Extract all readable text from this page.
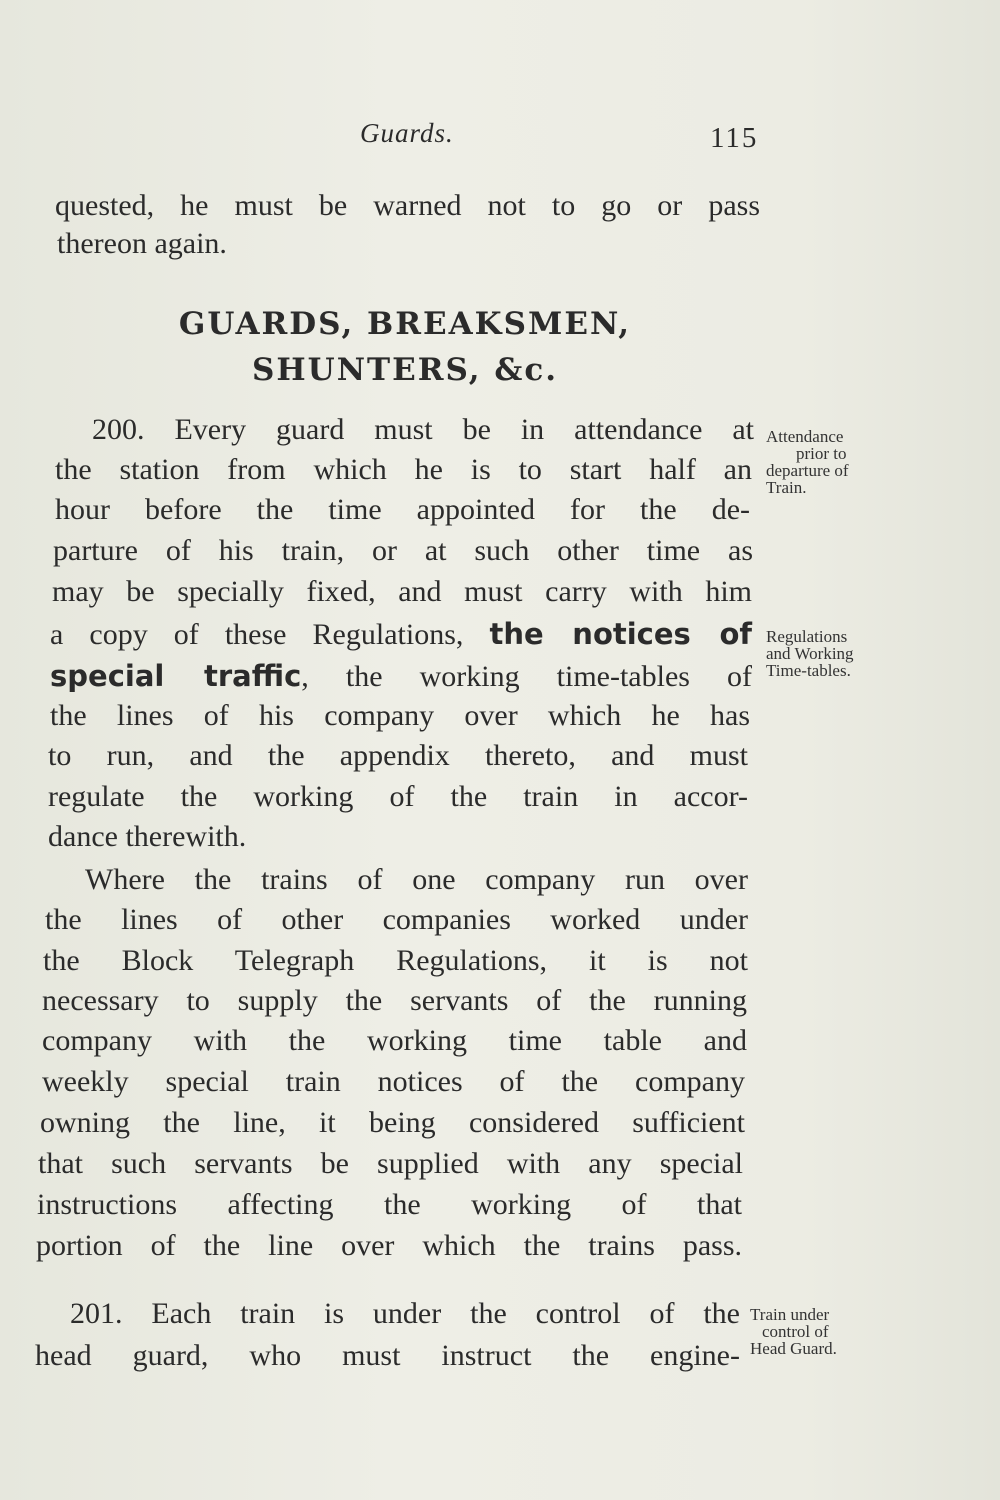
Guards.	115
quested, he must be warned not to go or pass
thereon again.
GUARDS, BREAKSMEN,
SHUNTERS, &c.
200. Every guard must be in attendance at
the station from which he is to start half an
hour before the time appointed for the de-
parture of his train, or at such other time as
may be specially fixed, and must carry with him
a copy of these Regulations, the notices of
special traffic, the working time-tables of
the lines of his company over which he has
to run, and the appendix thereto, and must
regulate the working of the train in accor-
dance therewith.
Where the trains of one company run over
the lines of other companies worked under
the Block Telegraph Regulations, it is not
necessary to supply the servants of the running
company with the working time table and
weekly special train notices of the company
owning the line, it being considered sufficient
that such servants be supplied with any special
instructions affecting the working of that
portion of the line over which the trains pass.
201. Each train is under the control of the
head guard, who must instruct the engine-
Attendance
prior to
departure of
Train.
Regulations
and Working
Time-tables.
Train under
control of
Head Guard.
